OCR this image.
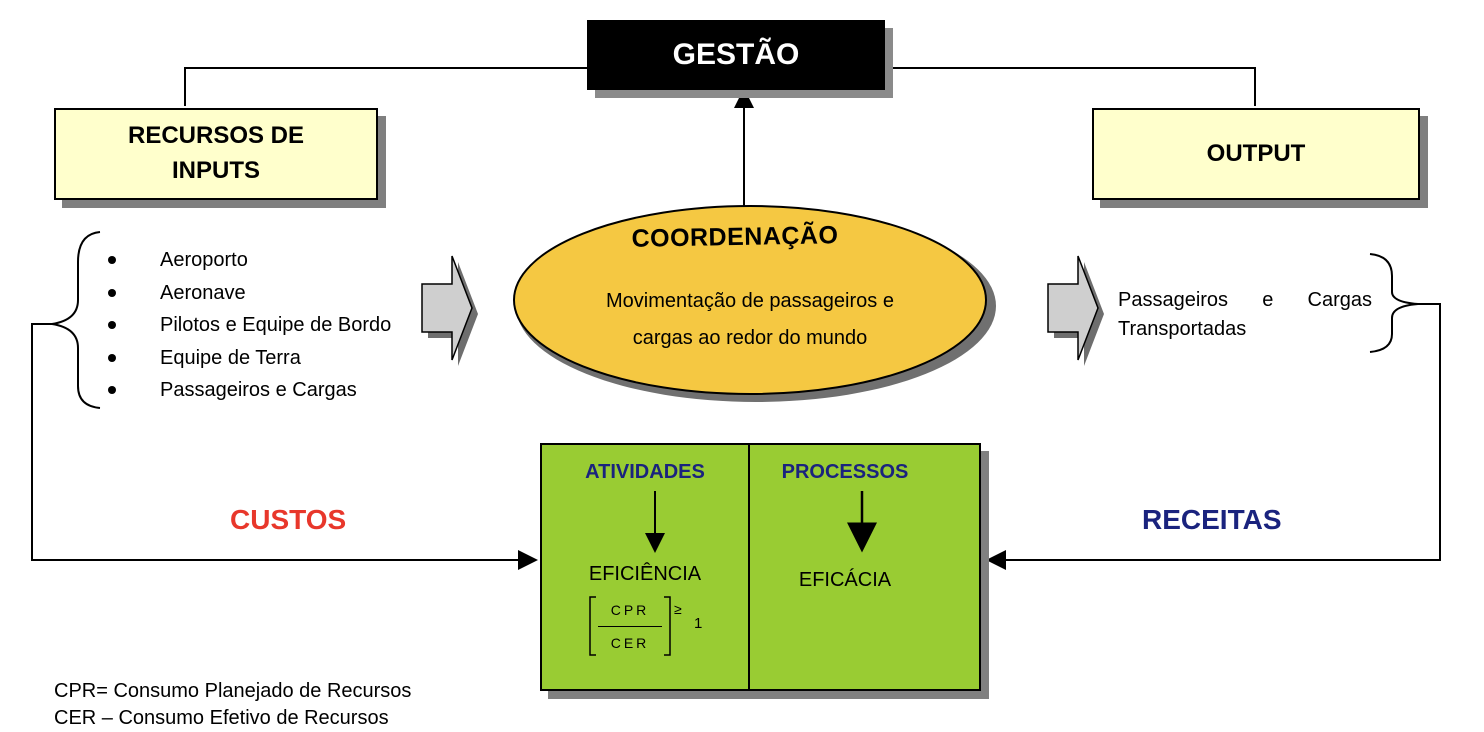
GESTÃO
RECURSOS DE
INPUTS
OUTPUT
Aeroporto
Aeronave
Pilotos e Equipe de Bordo
Equipe de Terra
Passageiros e Cargas
COORDENAÇÃO
Movimentação de passageiros e
cargas ao redor do mundo
Passageiros e Cargas
Transportadas
CUSTOS	RECEITAS
ATIVIDADES	PROCESSOS
EFICIÊNCIA
CPR
CER
≥
1
EFICÁCIA
CPR= Consumo Planejado de Recursos
CER – Consumo Efetivo de Recursos
